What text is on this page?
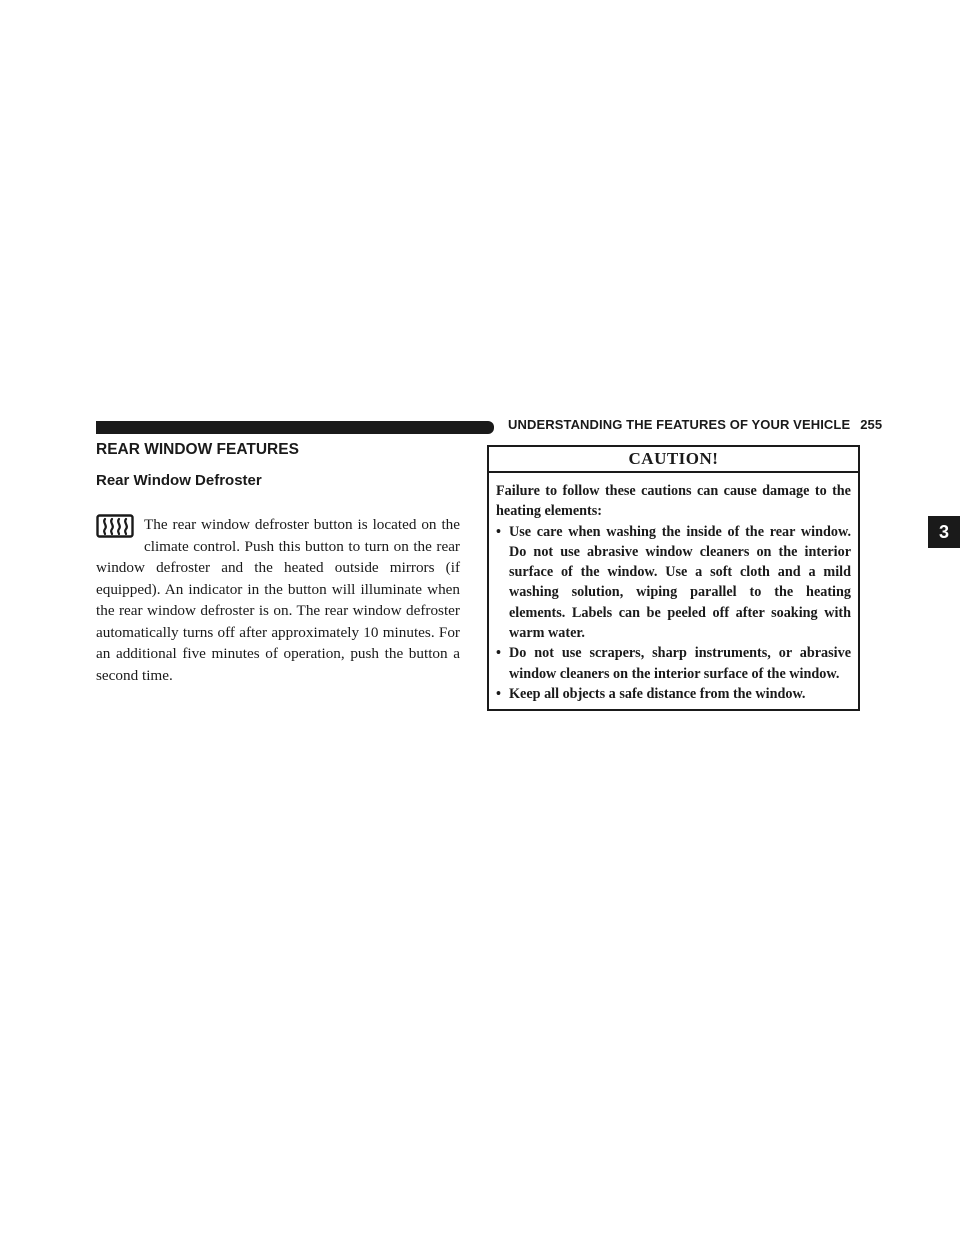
UNDERSTANDING THE FEATURES OF YOUR VEHICLE 255
3
REAR WINDOW FEATURES
Rear Window Defroster
The rear window defroster button is located on the climate control. Push this button to turn on the rear window defroster and the heated outside mirrors (if equipped). An indicator in the button will illuminate when the rear window defroster is on. The rear window defroster automatically turns off after approximately 10 minutes. For an additional five minutes of operation, push the button a second time.
CAUTION!
Failure to follow these cautions can cause damage to the heating elements:
• Use care when washing the inside of the rear window. Do not use abrasive window cleaners on the interior surface of the window. Use a soft cloth and a mild washing solution, wiping parallel to the heating elements. Labels can be peeled off after soaking with warm water.
• Do not use scrapers, sharp instruments, or abrasive window cleaners on the interior surface of the window.
• Keep all objects a safe distance from the window.
